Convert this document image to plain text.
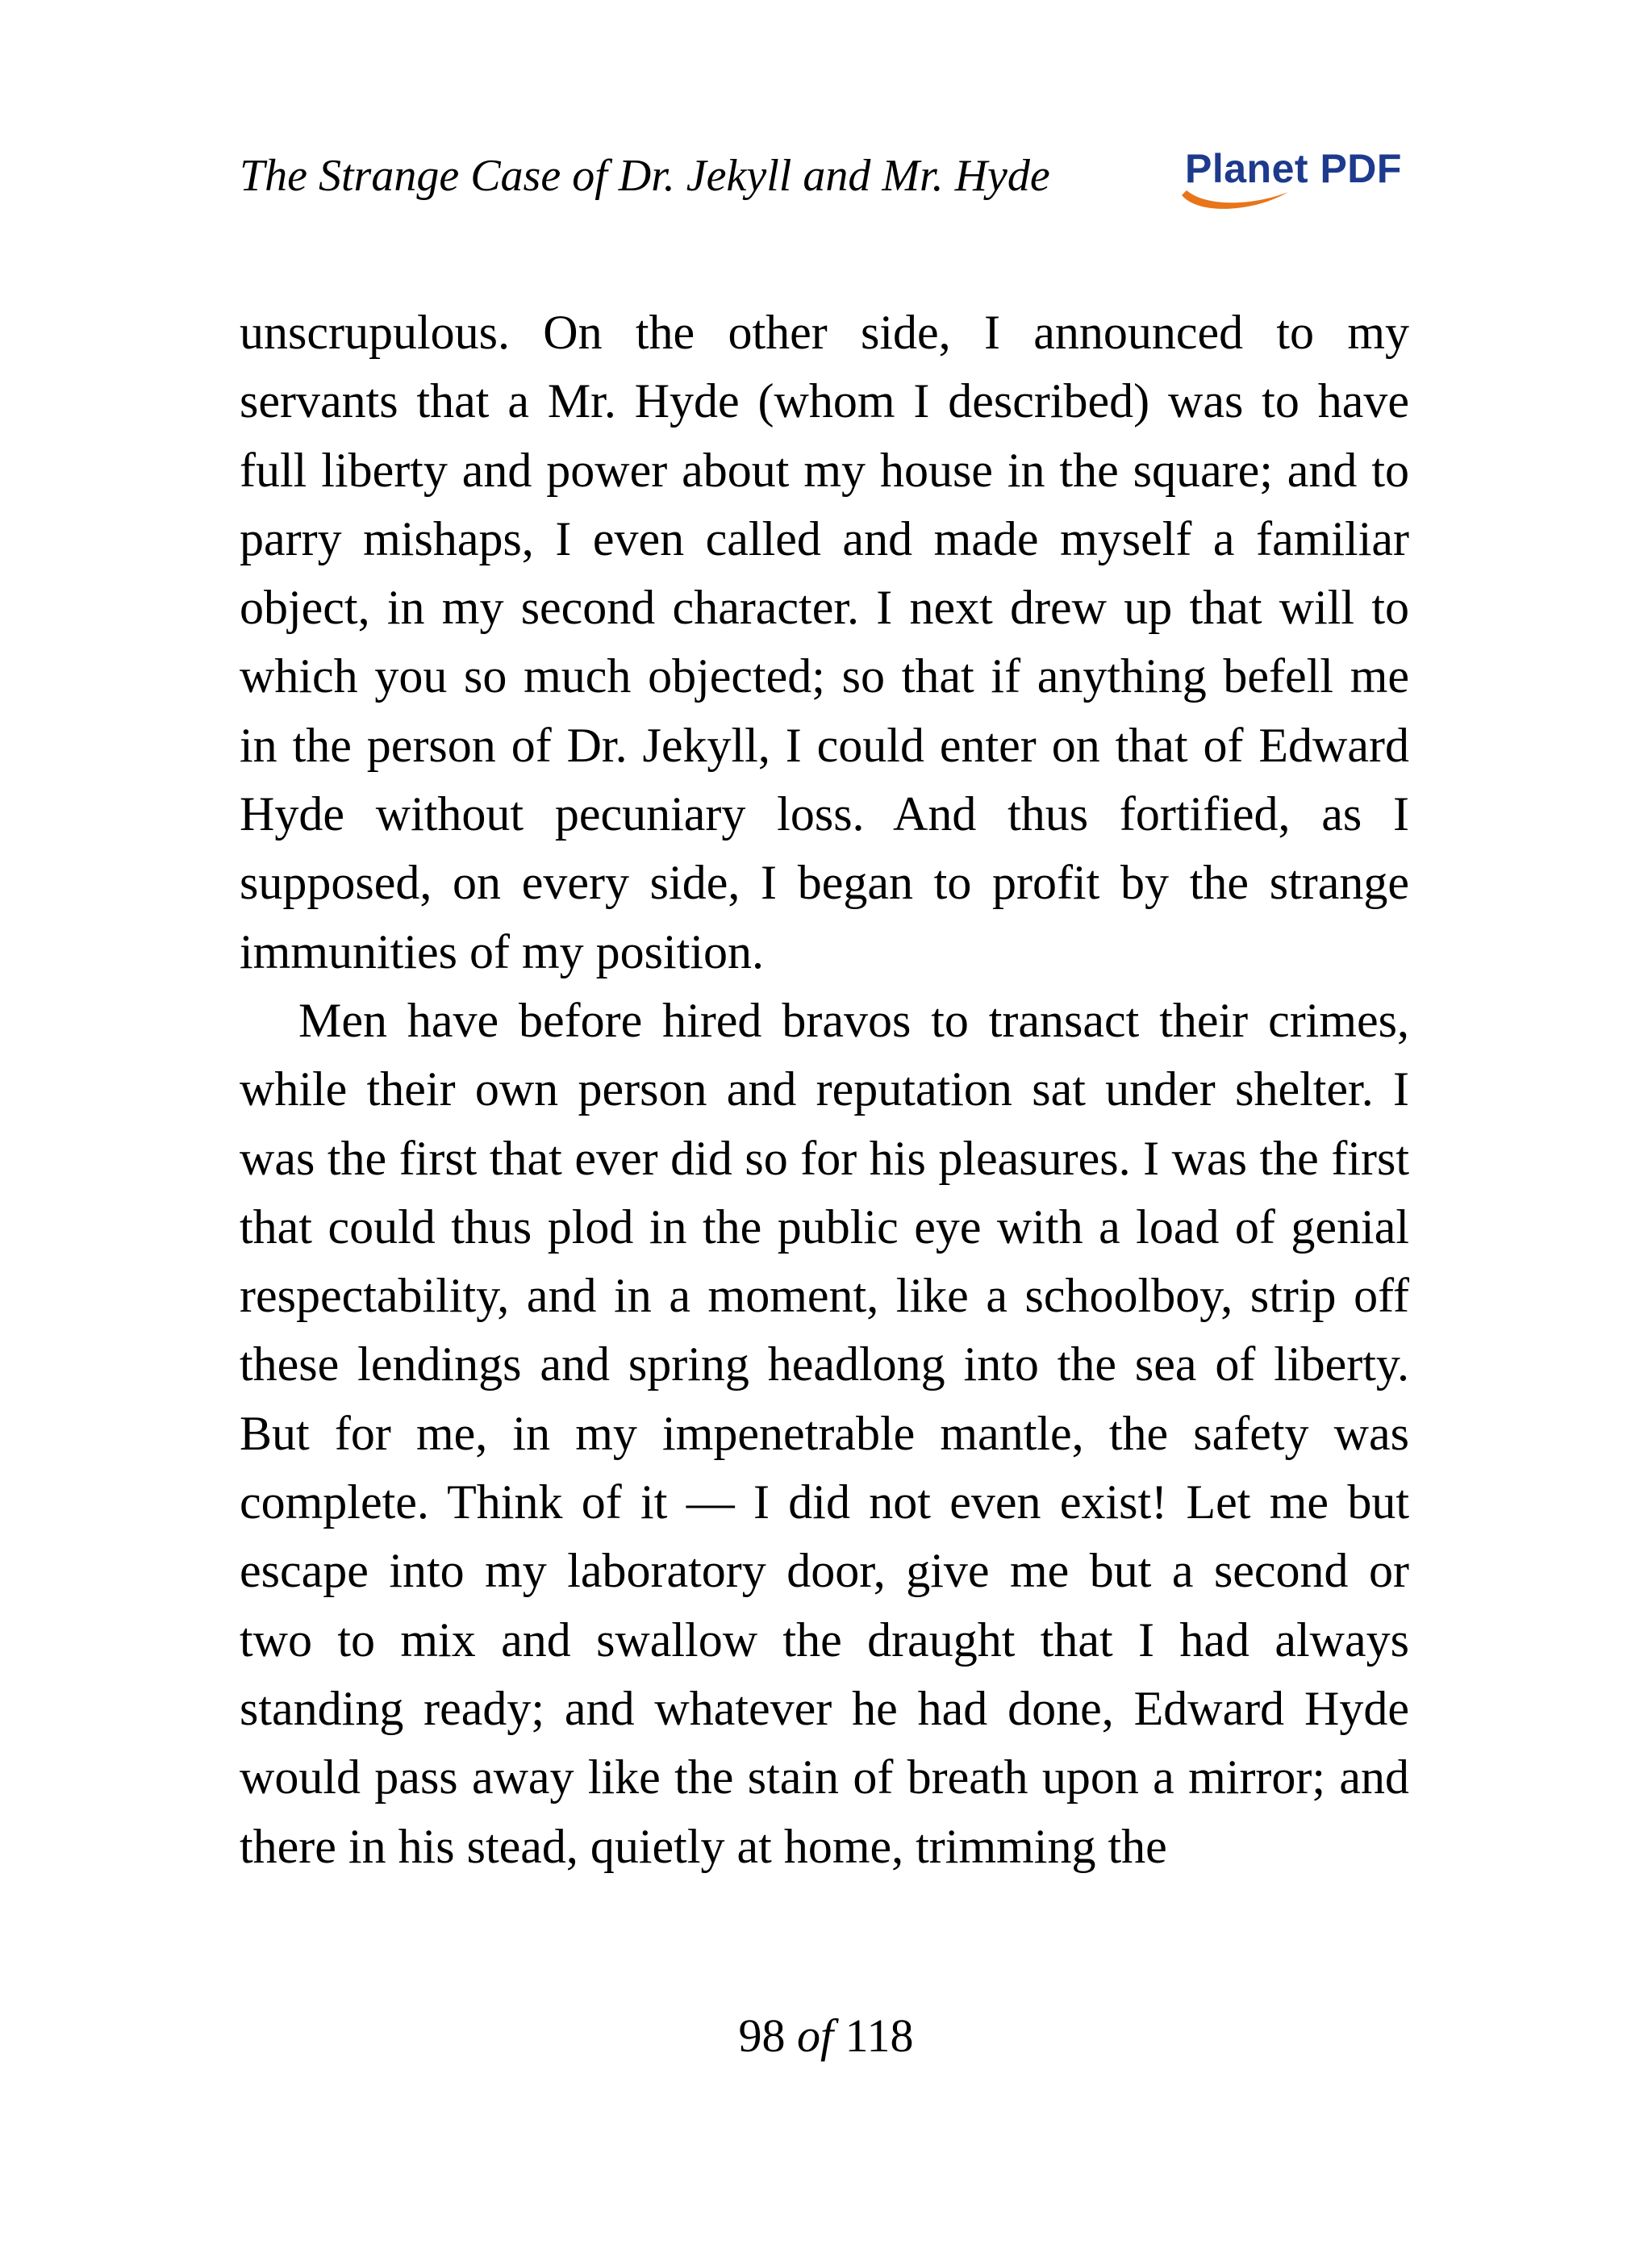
The Strange Case of Dr. Jekyll and Mr. Hyde	Planet PDF

unscrupulous. On the other side, I announced to my servants that a Mr. Hyde (whom I described) was to have full liberty and power about my house in the square; and to parry mishaps, I even called and made myself a familiar object, in my second character. I next drew up that will to which you so much objected; so that if anything befell me in the person of Dr. Jekyll, I could enter on that of Edward Hyde without pecuniary loss. And thus fortified, as I supposed, on every side, I began to profit by the strange immunities of my position.

Men have before hired bravos to transact their crimes, while their own person and reputation sat under shelter. I was the first that ever did so for his pleasures. I was the first that could thus plod in the public eye with a load of genial respectability, and in a moment, like a schoolboy, strip off these lendings and spring headlong into the sea of liberty. But for me, in my impenetrable mantle, the safety was complete. Think of it — I did not even exist! Let me but escape into my laboratory door, give me but a second or two to mix and swallow the draught that I had always standing ready; and whatever he had done, Edward Hyde would pass away like the stain of breath upon a mirror; and there in his stead, quietly at home, trimming the

98 of 118
